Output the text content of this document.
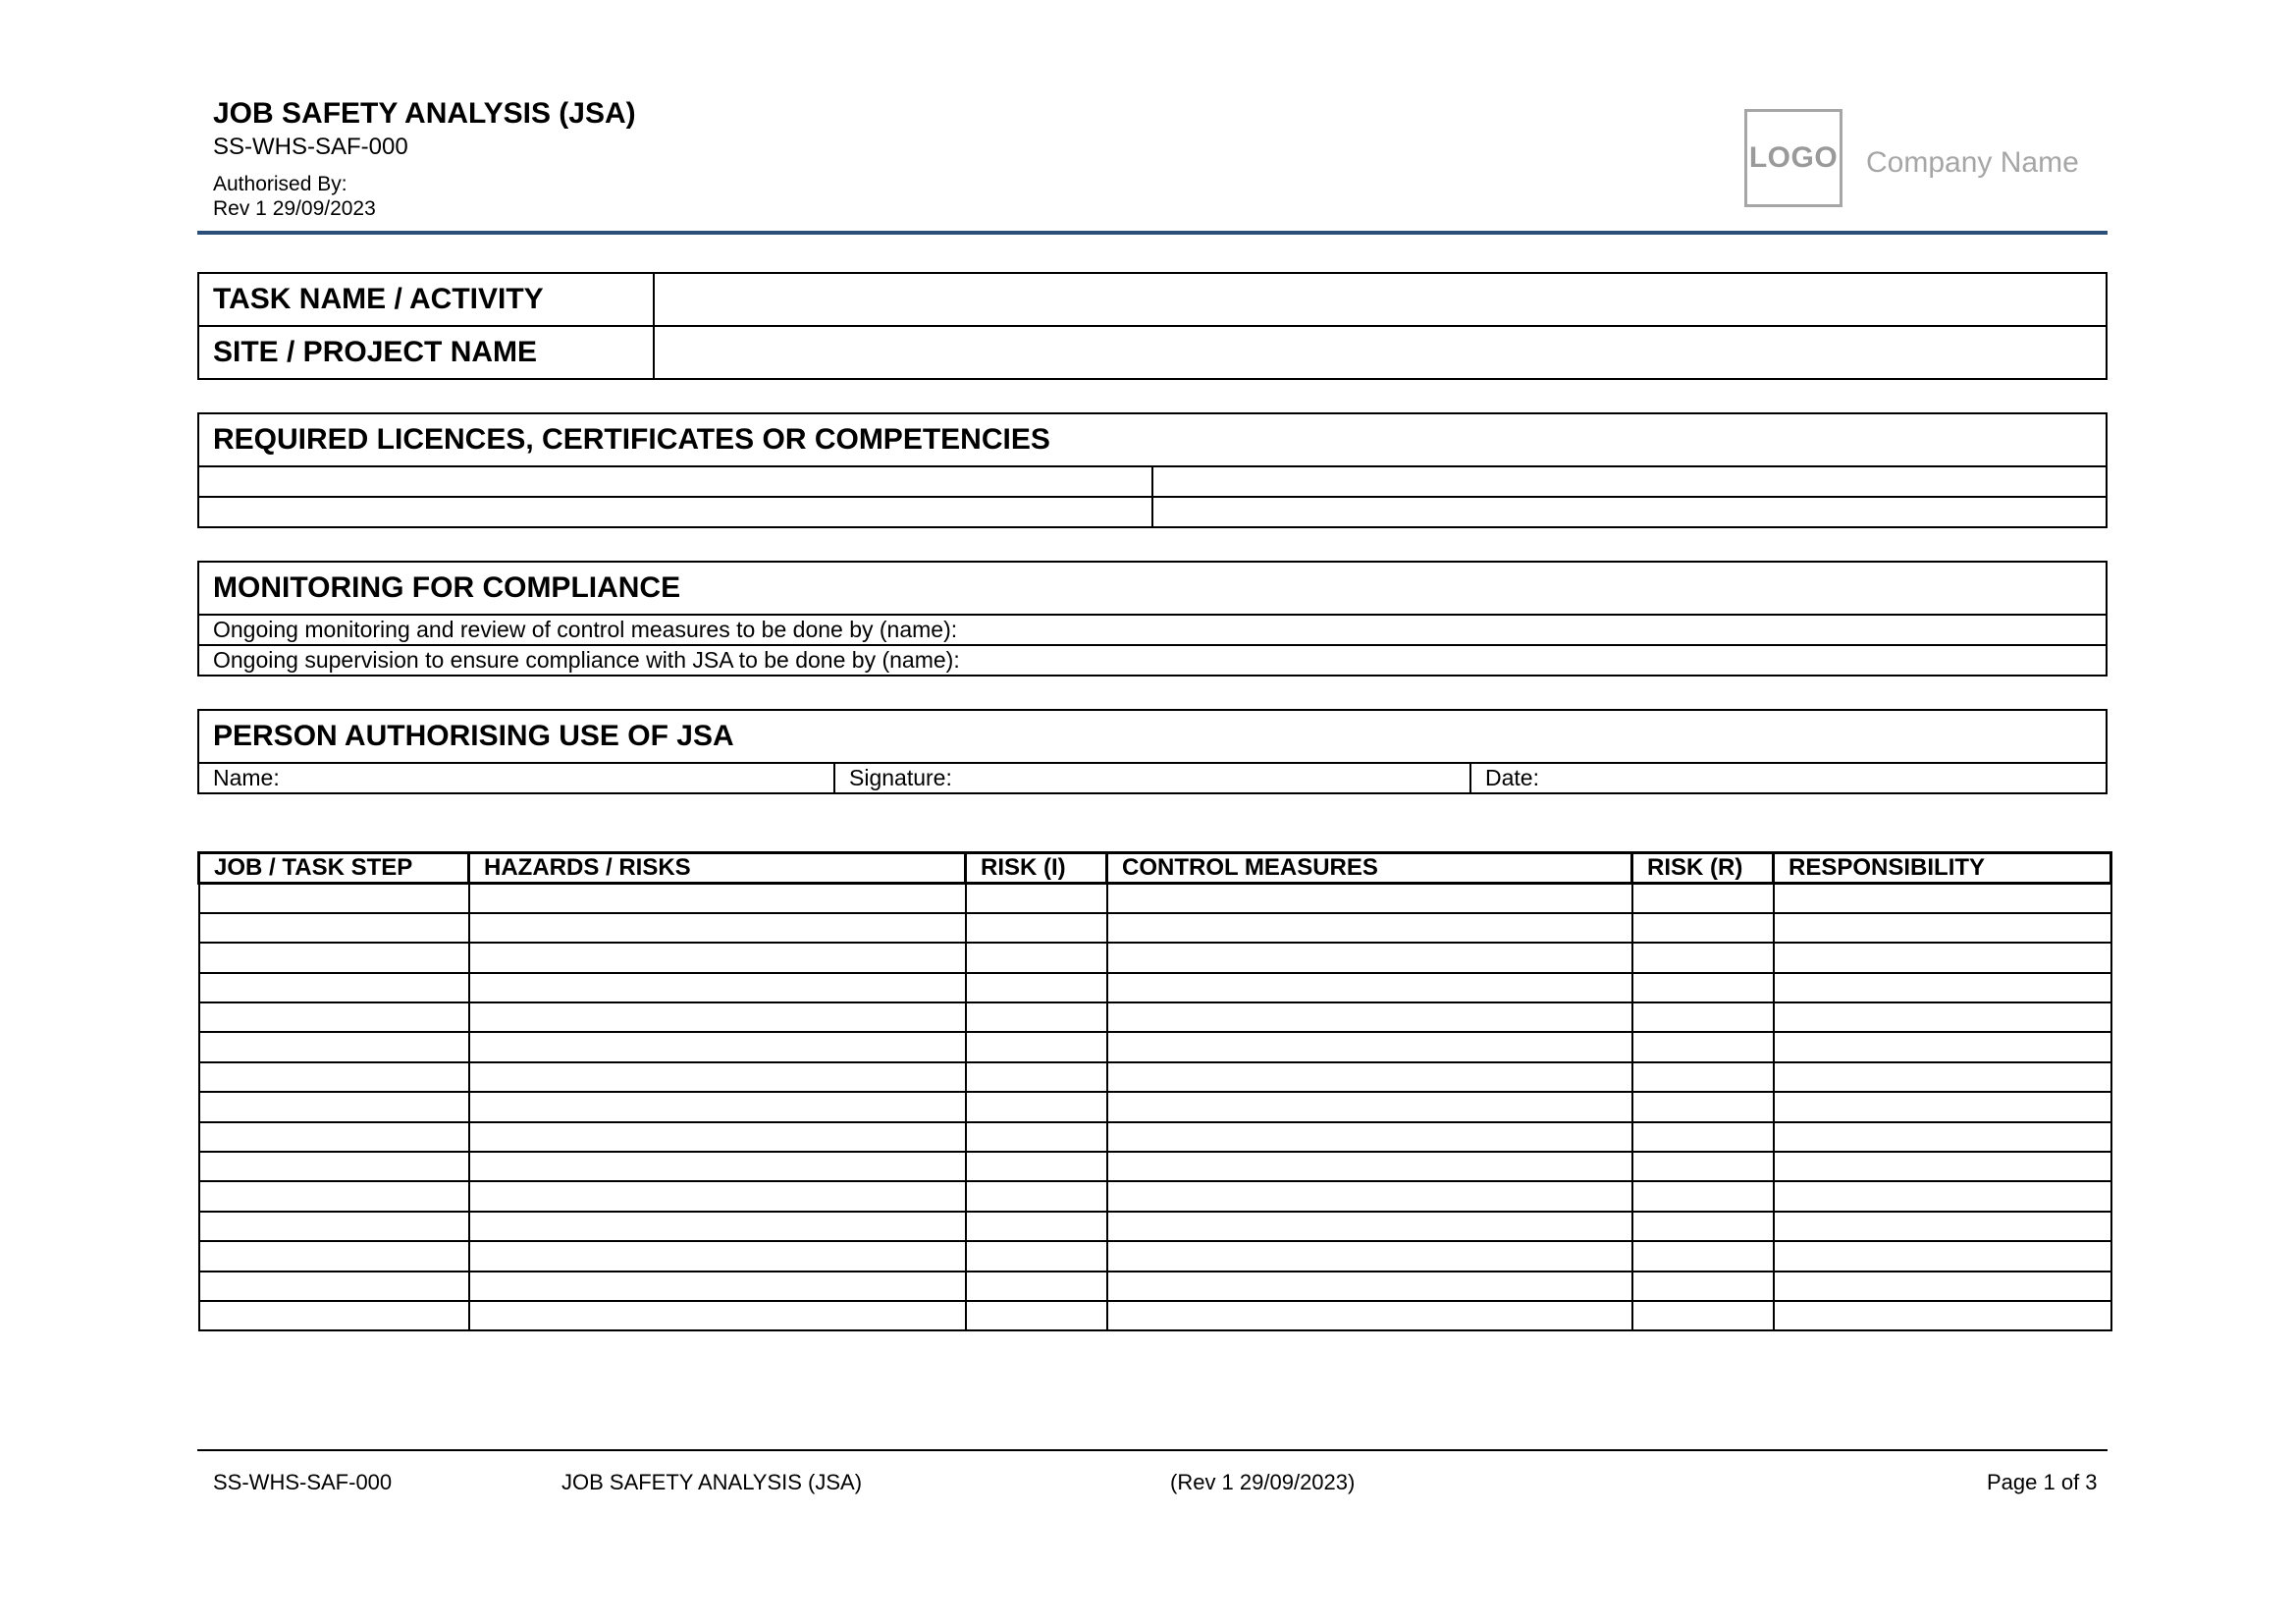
JOB SAFETY ANALYSIS (JSA)
SS-WHS-SAF-000
Authorised By:
Rev 1 29/09/2023
LOGO Company Name
TASK NAME / ACTIVITY	
SITE / PROJECT NAME	
REQUIRED LICENCES, CERTIFICATES OR COMPETENCIES	

MONITORING FOR COMPLIANCE
Ongoing monitoring and review of control measures to be done by (name):
Ongoing supervision to ensure compliance with JSA to be done by (name):
PERSON AUTHORISING USE OF JSA
Name:	Signature:	Date:
JOB / TASK STEP	HAZARDS / RISKS	RISK (I)	CONTROL MEASURES	RISK (R)	RESPONSIBILITY

SS-WHS-SAF-000	JOB SAFETY ANALYSIS (JSA)	(Rev 1 29/09/2023)	Page 1 of 3
